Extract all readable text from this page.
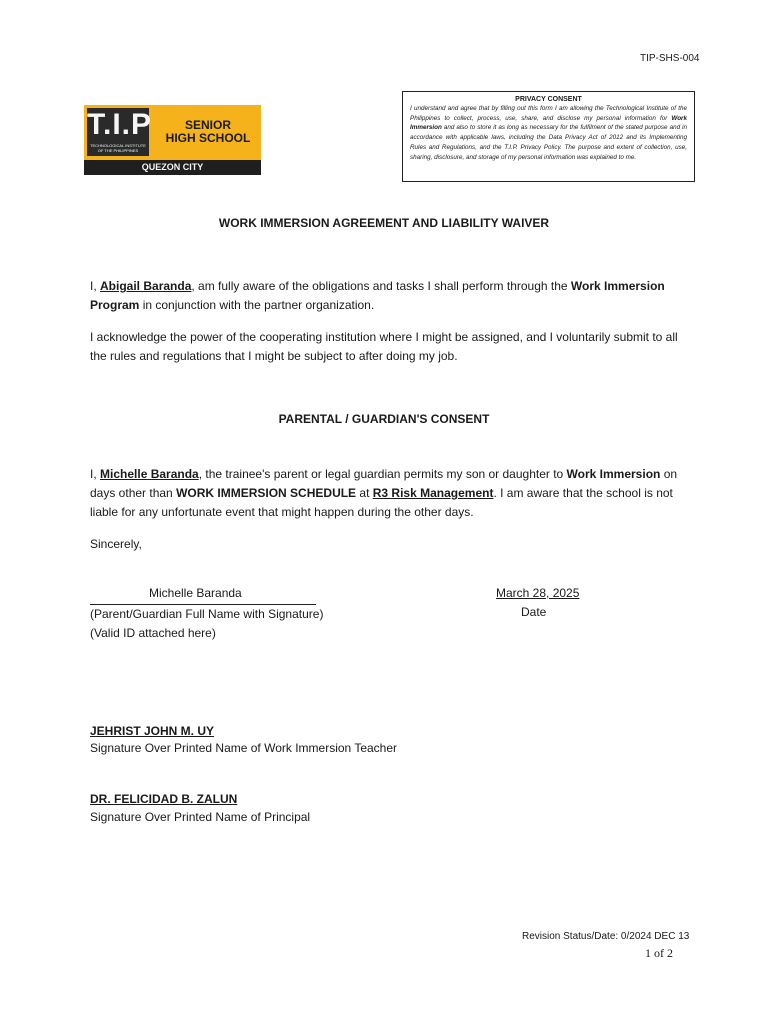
TIP-SHS-004
T.I.P
TECHNOLOGICAL INSTITUTE OF THE PHILIPPINES
SENIOR
HIGH SCHOOL
QUEZON CITY
PRIVACY CONSENT
I understand and agree that by filling out this form I am allowing the Technological Institute of the Philippines to collect, process, use, share, and disclose my personal information for Work Immersion and also to store it as long as necessary for the fulfilment of the stated purpose and in accordance with applicable laws, including the Data Privacy Act of 2012 and its Implementing Rules and Regulations, and the T.I.P. Privacy Policy. The purpose and extent of collection, use, sharing, disclosure, and storage of my personal information was explained to me.
WORK IMMERSION AGREEMENT AND LIABILITY WAIVER
I, Abigail Baranda, am fully aware of the obligations and tasks I shall perform through the Work Immersion Program in conjunction with the partner organization.
I acknowledge the power of the cooperating institution where I might be assigned, and I voluntarily submit to all the rules and regulations that I might be subject to after doing my job.
PARENTAL / GUARDIAN'S CONSENT
I, Michelle Baranda, the trainee's parent or legal guardian permits my son or daughter to Work Immersion on days other than WORK IMMERSION SCHEDULE at R3 Risk Management. I am aware that the school is not liable for any unfortunate event that might happen during the other days.
Sincerely,
Michelle Baranda
(Parent/Guardian Full Name with Signature)
(Valid ID attached here)
March 28, 2025
Date
JEHRIST JOHN M. UY
Signature Over Printed Name of Work Immersion Teacher
DR. FELICIDAD B. ZALUN
Signature Over Printed Name of Principal
Revision Status/Date: 0/2024 DEC 13
1 of 2
